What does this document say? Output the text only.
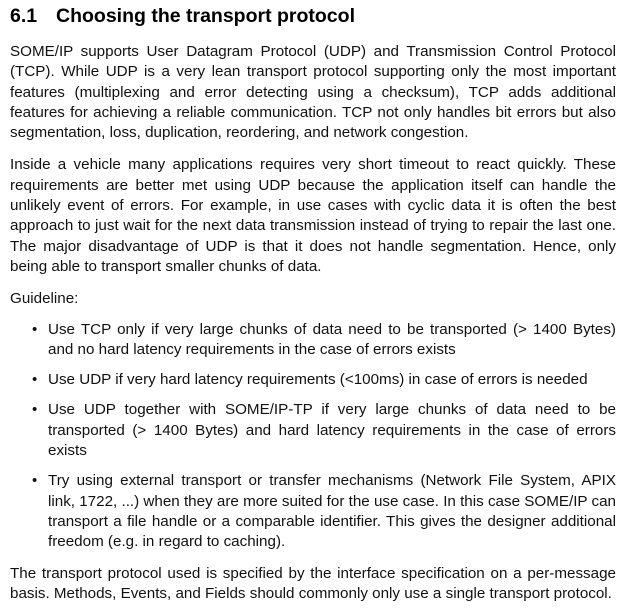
6.1 Choosing the transport protocol

SOME/IP supports User Datagram Protocol (UDP) and Transmission Control Protocol (TCP). While UDP is a very lean transport protocol supporting only the most important features (multiplexing and error detecting using a checksum), TCP adds additional features for achieving a reliable communication. TCP not only handles bit errors but also segmentation, loss, duplication, reordering, and network congestion.

Inside a vehicle many applications requires very short timeout to react quickly. These requirements are better met using UDP because the application itself can handle the unlikely event of errors. For example, in use cases with cyclic data it is often the best approach to just wait for the next data transmission instead of trying to repair the last one. The major disadvantage of UDP is that it does not handle segmentation. Hence, only being able to transport smaller chunks of data.

Guideline:

• Use TCP only if very large chunks of data need to be transported (> 1400 Bytes) and no hard latency requirements in the case of errors exists
• Use UDP if very hard latency requirements (<100ms) in case of errors is needed
• Use UDP together with SOME/IP-TP if very large chunks of data need to be transported (> 1400 Bytes) and hard latency requirements in the case of errors exists
• Try using external transport or transfer mechanisms (Network File System, APIX link, 1722, ...) when they are more suited for the use case. In this case SOME/IP can transport a file handle or a comparable identifier. This gives the designer additional freedom (e.g. in regard to caching).

The transport protocol used is specified by the interface specification on a per-message basis. Methods, Events, and Fields should commonly only use a single transport protocol.
